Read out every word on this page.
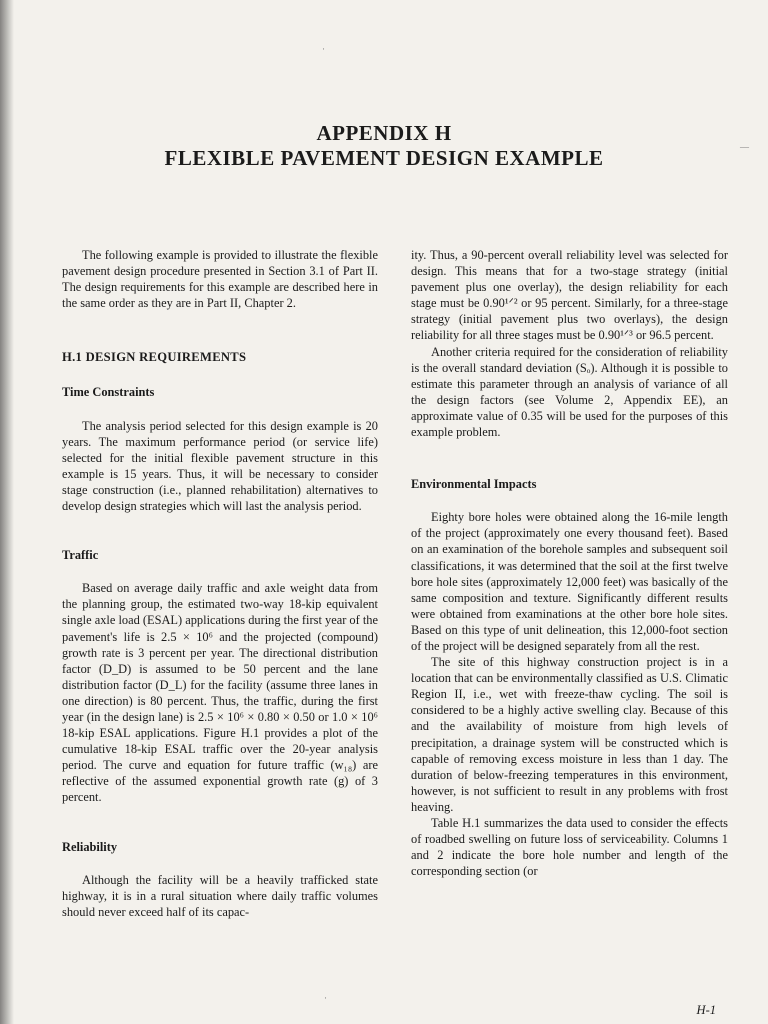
APPENDIX H
FLEXIBLE PAVEMENT DESIGN EXAMPLE

The following example is provided to illustrate the flexible pavement design procedure presented in Section 3.1 of Part II. The design requirements for this example are described here in the same order as they are in Part II, Chapter 2.

H.1 DESIGN REQUIREMENTS
Time Constraints

The analysis period selected for this design example is 20 years. The maximum performance period (or service life) selected for the initial flexible pavement structure in this example is 15 years. Thus, it will be necessary to consider stage construction (i.e., planned rehabilitation) alternatives to develop design strategies which will last the analysis period.

Traffic

Based on average daily traffic and axle weight data from the planning group, the estimated two-way 18-kip equivalent single axle load (ESAL) applications during the first year of the pavement's life is 2.5 × 10⁶ and the projected (compound) growth rate is 3 percent per year. The directional distribution factor (D_D) is assumed to be 50 percent and the lane distribution factor (D_L) for the facility (assume three lanes in one direction) is 80 percent. Thus, the traffic, during the first year (in the design lane) is 2.5 × 10⁶ × 0.80 × 0.50 or 1.0 × 10⁶ 18-kip ESAL applications. Figure H.1 provides a plot of the cumulative 18-kip ESAL traffic over the 20-year analysis period. The curve and equation for future traffic (w₁₈) are reflective of the assumed exponential growth rate (g) of 3 percent.

Reliability

Although the facility will be a heavily trafficked state highway, it is in a rural situation where daily traffic volumes should never exceed half of its capac-

ity. Thus, a 90-percent overall reliability level was selected for design. This means that for a two-stage strategy (initial pavement plus one overlay), the design reliability for each stage must be 0.90¹ᐟ² or 95 percent. Similarly, for a three-stage strategy (initial pavement plus two overlays), the design reliability for all three stages must be 0.90¹ᐟ³ or 96.5 percent.

Another criteria required for the consideration of reliability is the overall standard deviation (Sₒ). Although it is possible to estimate this parameter through an analysis of variance of all the design factors (see Volume 2, Appendix EE), an approximate value of 0.35 will be used for the purposes of this example problem.

Environmental Impacts

Eighty bore holes were obtained along the 16-mile length of the project (approximately one every thousand feet). Based on an examination of the borehole samples and subsequent soil classifications, it was determined that the soil at the first twelve bore hole sites (approximately 12,000 feet) was basically of the same composition and texture. Significantly different results were obtained from examinations at the other bore hole sites. Based on this type of unit delineation, this 12,000-foot section of the project will be designed separately from all the rest.

The site of this highway construction project is in a location that can be environmentally classified as U.S. Climatic Region II, i.e., wet with freeze-thaw cycling. The soil is considered to be a highly active swelling clay. Because of this and the availability of moisture from high levels of precipitation, a drainage system will be constructed which is capable of removing excess moisture in less than 1 day. The duration of below-freezing temperatures in this environment, however, is not sufficient to result in any problems with frost heaving.

Table H.1 summarizes the data used to consider the effects of roadbed swelling on future loss of serviceability. Columns 1 and 2 indicate the bore hole number and length of the corresponding section (or

·
—
·
H-1
